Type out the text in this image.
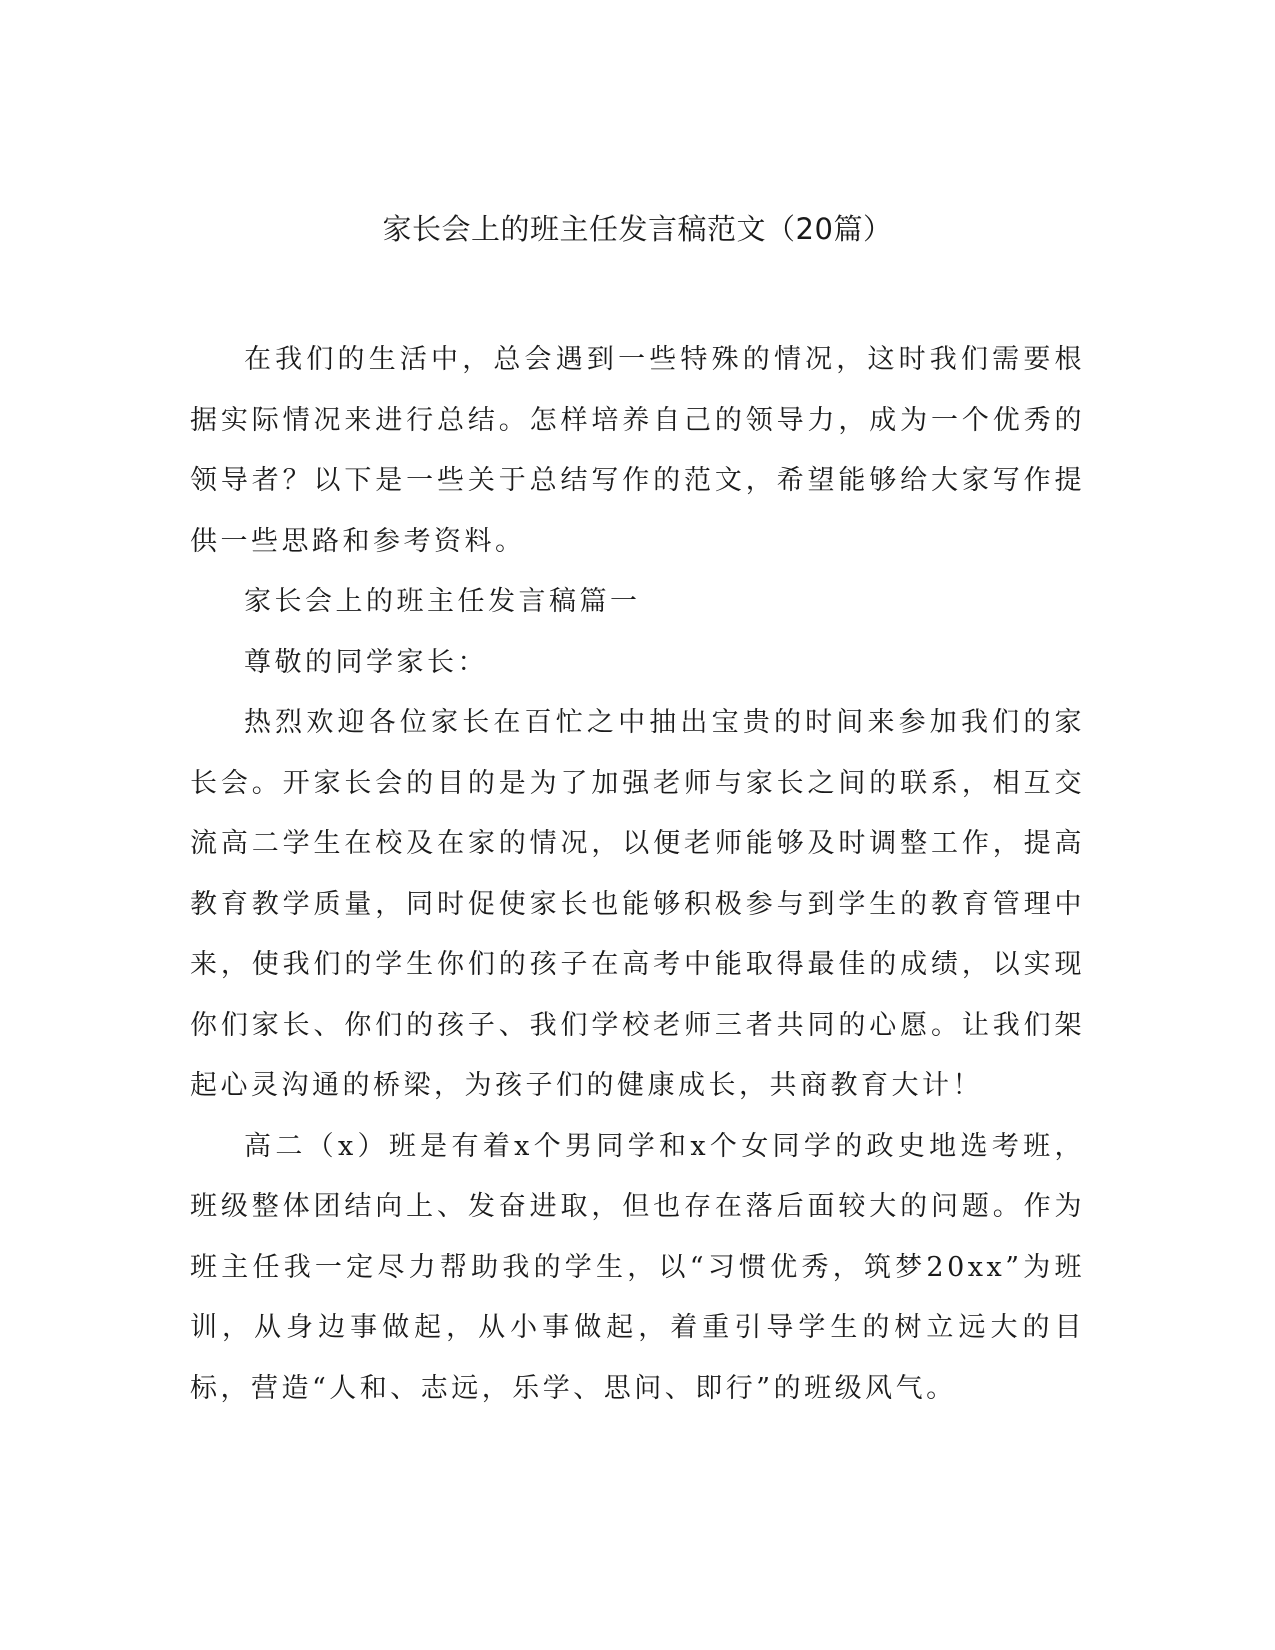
家长会上的班主任发言稿范文（20篇）

在我们的生活中，总会遇到一些特殊的情况，这时我们需要根据实际情况来进行总结。怎样培养自己的领导力，成为一个优秀的领导者？以下是一些关于总结写作的范文，希望能够给大家写作提供一些思路和参考资料。

家长会上的班主任发言稿篇一

尊敬的同学家长：

热烈欢迎各位家长在百忙之中抽出宝贵的时间来参加我们的家长会。开家长会的目的是为了加强老师与家长之间的联系，相互交流高二学生在校及在家的情况，以便老师能够及时调整工作，提高教育教学质量，同时促使家长也能够积极参与到学生的教育管理中来，使我们的学生你们的孩子在高考中能取得最佳的成绩，以实现你们家长、你们的孩子、我们学校老师三者共同的心愿。让我们架起心灵沟通的桥梁，为孩子们的健康成长，共商教育大计！

高二（x）班是有着x个男同学和x个女同学的政史地选考班，班级整体团结向上、发奋进取，但也存在落后面较大的问题。作为班主任我一定尽力帮助我的学生，以“习惯优秀，筑梦20xx”为班训，从身边事做起，从小事做起，着重引导学生的树立远大的目标，营造“人和、志远，乐学、思问、即行”的班级风气。
